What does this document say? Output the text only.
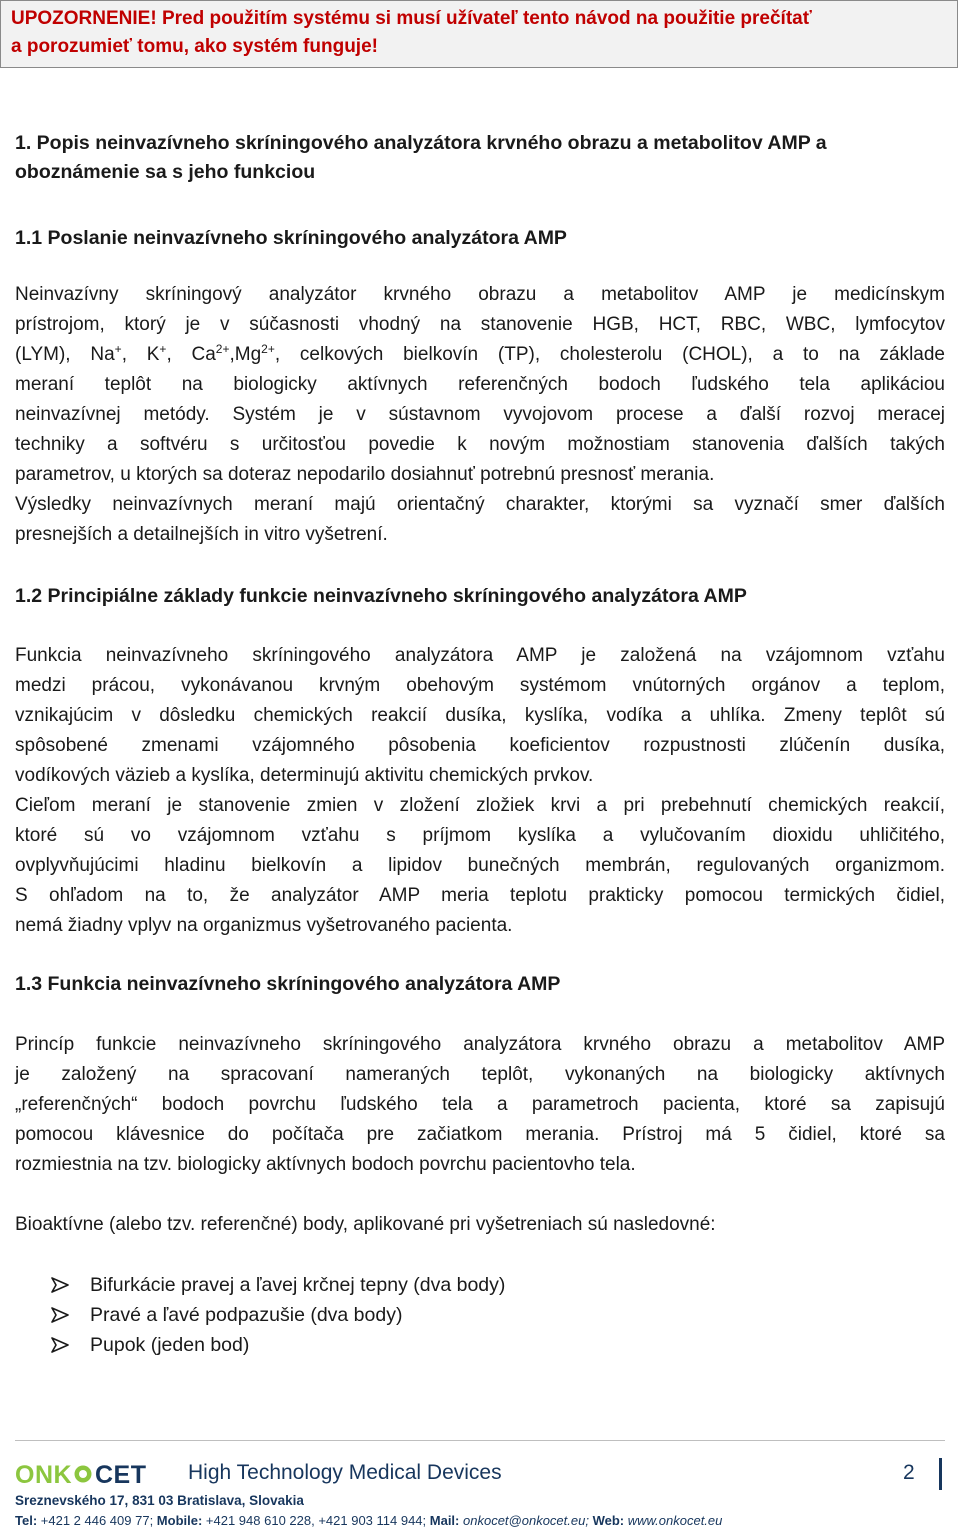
UPOZORNENIE! Pred použitím systému si musí užívateľ tento návod na použitie prečítať

a porozumieť tomu, ako systém funguje!

1. Popis neinvazívneho skríningového analyzátora krvného obrazu a metabolitov AMP a
oboznámenie sa s jeho funkciou
1.1 Poslanie neinvazívneho skríningového analyzátora AMP
Neinvazívny skríningový analyzátor krvného obrazu a metabolitov AMP je medicínskym
prístrojom, ktorý je v súčasnosti vhodný na stanovenie HGB, HCT, RBC, WBC, lymfocytov
(LYM), Na+, K+, $Ca^{2+},Mg^{2+}$, celkových bielkovín (TP), cholesterolu (CHOL), a to na základe
meraní teplôt na biologicky aktívnych referenčných bodoch ľudského tela aplikáciou
neinvazívnej metódy. Systém je v sústavnom vyvojovom procese a ďalší rozvoj meracej
techniky a softvéru s určitosťou povedie k novým možnostiam stanovenia ďalších takých
parametrov, u ktorých sa doteraz nepodarilo dosiahnuť potrebnú presnosť merania.
Výsledky neinvazívnych meraní majú orientačný charakter, ktorými sa vyznačí smer ďalších
presnejších a detailnejších in vitro vyšetrení.
1.2 Principiálne základy funkcie neinvazívneho skríningového analyzátora AMP
Funkcia neinvazívneho skríningového analyzátora AMP je založená na vzájomnom vzťahu
medzi prácou, vykonávanou krvným obehovým systémom vnútorných orgánov a teplom,
vznikajúcim v dôsledku chemických reakcií dusíka, kyslíka, vodíka a uhlíka. Zmeny teplôt sú
spôsobené zmenami vzájomného pôsobenia koeficientov rozpustnosti zlúčenín dusíka,
vodíkových väzieb a kyslíka, determinujú aktivitu chemických prvkov.
Cieľom meraní je stanovenie zmien v zložení zložiek krvi a pri prebehnutí chemických reakcií,
ktoré sú vo vzájomnom vzťahu s príjmom kyslíka a vylučovaním dioxidu uhličitého,
ovplyvňujúcimi hladinu bielkovín a lipidov bunečných membrán, regulovaných organizmom.
S ohľadom na to, že analyzátor AMP meria teplotu prakticky pomocou termických čidiel,
nemá žiadny vplyv na organizmus vyšetrovaného pacienta.
1.3 Funkcia neinvazívneho skríningového analyzátora AMP
Princíp funkcie neinvazívneho skríningového analyzátora krvného obrazu a metabolitov AMP
je založený na spracovaní nameraných teplôt, vykonaných na biologicky aktívnych
„referenčných“ bodoch povrchu ľudského tela a parametroch pacienta, ktoré sa zapisujú
pomocou klávesnice do počítača pre začiatkom merania. Prístroj má 5 čidiel, ktoré sa
rozmiestnia na tzv. biologicky aktívnych bodoch povrchu pacientovho tela.
Bioaktívne (alebo tzv. referenčné) body, aplikované pri vyšetreniach sú nasledovné:
Bifurkácie pravej a ľavej krčnej tepny (dva body)
Pravé a ľavé podpazušie (dva body)
Pupok (jeden bod)
ONK CET High Technology Medical Devices	2
Sreznevského 17, 831 03 Bratislava, Slovakia
Tel: +421 2 446 409 77; Mobile: +421 948 610 228, +421 903 114 944; Mail: onkocet@onkocet.eu; Web: www.onkocet.eu
